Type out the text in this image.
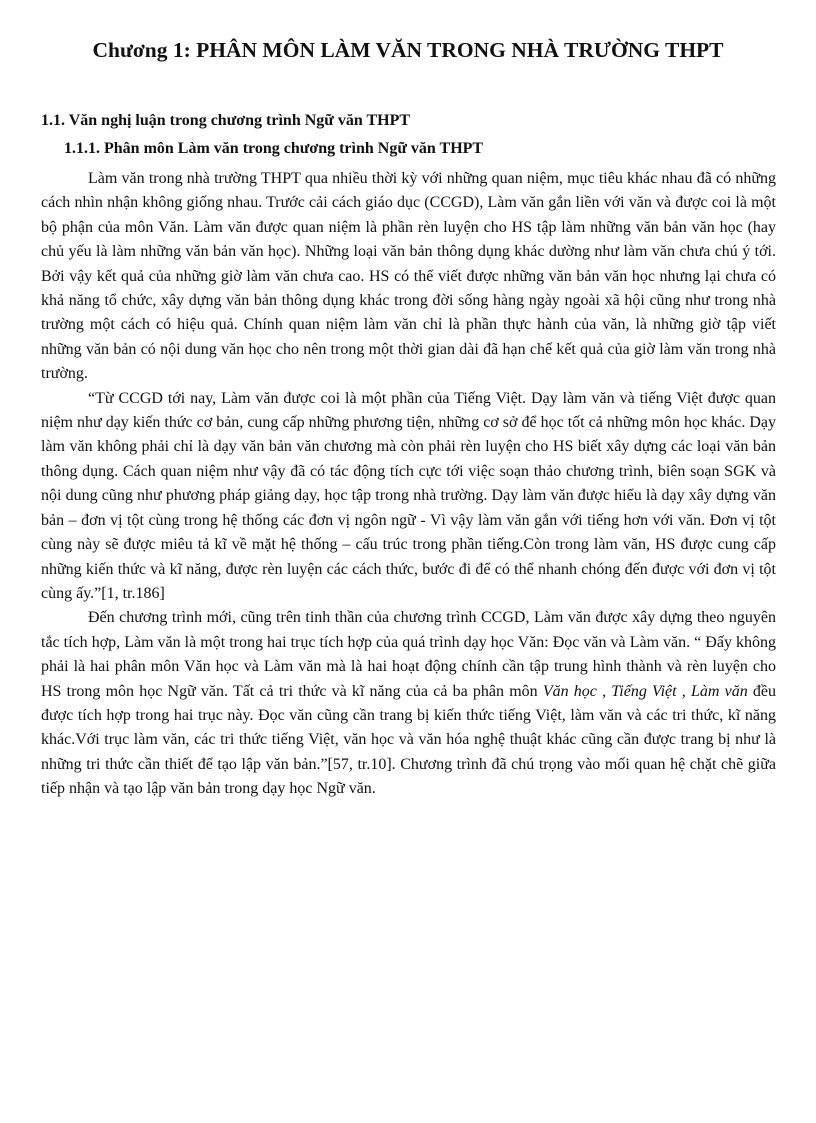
Chương 1: PHÂN MÔN LÀM VĂN TRONG NHÀ TRƯỜNG THPT
1.1. Văn nghị luận trong chương trình Ngữ văn THPT
1.1.1. Phân môn Làm văn trong chương trình Ngữ văn THPT

Làm văn trong nhà trường THPT qua nhiều thời kỳ với những quan niệm, mục tiêu khác nhau đã có những cách nhìn nhận không giống nhau. Trước cải cách giáo dục (CCGD), Làm văn gắn liền với văn và được coi là một bộ phận của môn Văn. Làm văn được quan niệm là phần rèn luyện cho HS tập làm những văn bản văn học (hay chủ yếu là làm những văn bản văn học). Những loại văn bản thông dụng khác dường như làm văn chưa chú ý tới. Bởi vậy kết quả của những giờ làm văn chưa cao. HS có thể viết được những văn bản văn học nhưng lại chưa có khả năng tổ chức, xây dựng văn bản thông dụng khác trong đời sống hàng ngày ngoài xã hội cũng như trong nhà trường một cách có hiệu quả. Chính quan niệm làm văn chỉ là phần thực hành của văn, là những giờ tập viết những văn bản có nội dung văn học cho nên trong một thời gian dài đã hạn chế kết quả của giờ làm văn trong nhà trường.

“Từ CCGD tới nay, Làm văn được coi là một phần của Tiếng Việt. Dạy làm văn và tiếng Việt được quan niệm như dạy kiến thức cơ bản, cung cấp những phương tiện, những cơ sở để học tốt cả những môn học khác. Dạy làm văn không phải chỉ là dạy văn bản văn chương mà còn phải rèn luyện cho HS biết xây dựng các loại văn bản thông dụng. Cách quan niệm như vậy đã có tác động tích cực tới việc soạn thảo chương trình, biên soạn SGK và nội dung cũng như phương pháp giảng dạy, học tập trong nhà trường. Dạy làm văn được hiểu là dạy xây dựng văn bản – đơn vị tột cùng trong hệ thống các đơn vị ngôn ngữ - Vì vậy làm văn gắn với tiếng hơn với văn. Đơn vị tột cùng này sẽ được miêu tả kĩ về mặt hệ thống – cấu trúc trong phần tiếng.Còn trong làm văn, HS được cung cấp những kiến thức và kĩ năng, được rèn luyện các cách thức, bước đi để có thể nhanh chóng đến được với đơn vị tột cùng ấy.”[1, tr.186]

Đến chương trình mới, cũng trên tinh thần của chương trình CCGD, Làm văn được xây dựng theo nguyên tắc tích hợp, Làm văn là một trong hai trục tích hợp của quá trình dạy học Văn: Đọc văn và Làm văn. “ Đấy không phải là hai phân môn Văn học và Làm văn mà là hai hoạt động chính cần tập trung hình thành và rèn luyện cho HS trong môn học Ngữ văn. Tất cả tri thức và kĩ năng của cả ba phân môn Văn học , Tiếng Việt , Làm văn đều được tích hợp trong hai trục này. Đọc văn cũng cần trang bị kiến thức tiếng Việt, làm văn và các tri thức, kĩ năng khác.Với trục làm văn, các tri thức tiếng Việt, văn học và văn hóa nghệ thuật khác cũng cần được trang bị như là những tri thức cần thiết để tạo lập văn bản.”[57, tr.10]. Chương trình đã chú trọng vào mối quan hệ chặt chẽ giữa tiếp nhận và tạo lập văn bản trong dạy học Ngữ văn.
